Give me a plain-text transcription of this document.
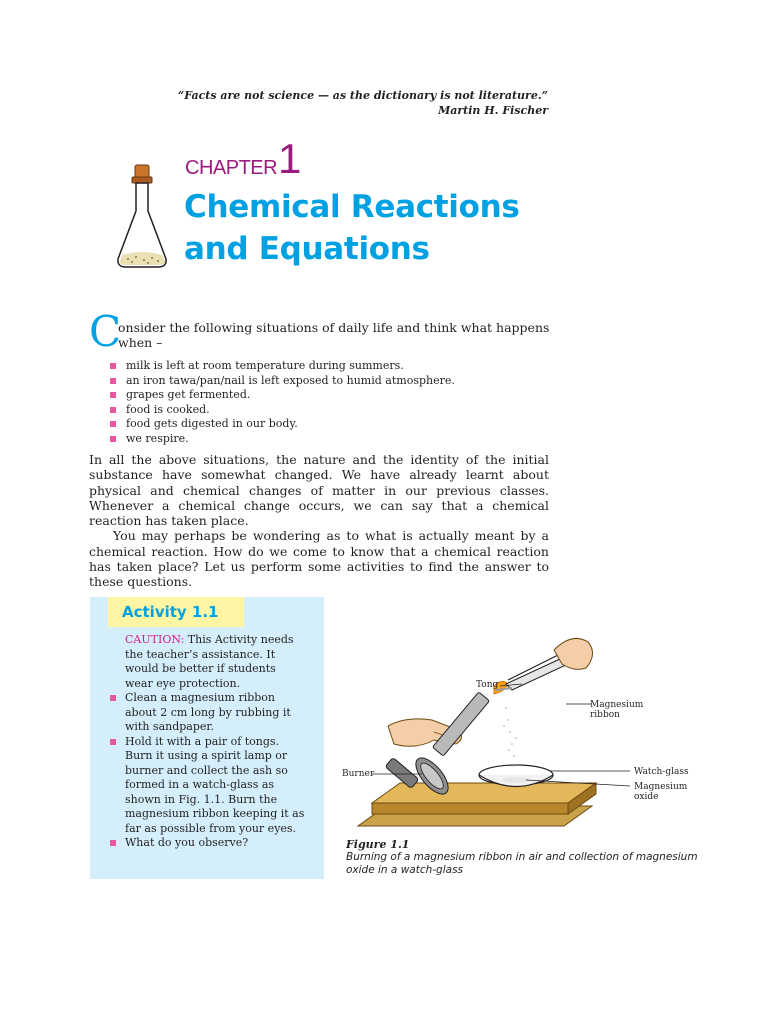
“Facts are not science — as the dictionary is not literature.”
Martin H. Fischer
CHAPTER 1
Chemical Reactions
and Equations
C
onsider the following situations of daily life and think what happens when –
milk is left at room temperature during summers.
an iron tawa/pan/nail is left exposed to humid atmosphere.
grapes get fermented.
food is cooked.
food gets digested in our body.
we respire.

In all the above situations, the nature and the identity of the initial substance have somewhat changed. We have already learnt about physical and chemical changes of matter in our previous classes. Whenever a chemical change occurs, we can say that a chemical reaction has taken place.

You may perhaps be wondering as to what is actually meant by a chemical reaction. How do we come to know that a chemical reaction has taken place? Let us perform some activities to find the answer to these questions.

Activity 1.1

CAUTION: This Activity needs the teacher’s assistance. It would be better if students wear eye protection.

Clean a magnesium ribbon about 2 cm long by rubbing it with sandpaper.
Hold it with a pair of tongs. Burn it using a spirit lamp or burner and collect the ash so formed in a watch-glass as shown in Fig. 1.1. Burn the magnesium ribbon keeping it as far as possible from your eyes.
What do you observe?
Tong
Magnesium ribbon
Burner	Watch-glass
Magnesium oxide
Figure 1.1
Burning of a magnesium ribbon in air and collection of magnesium oxide in a watch-glass
